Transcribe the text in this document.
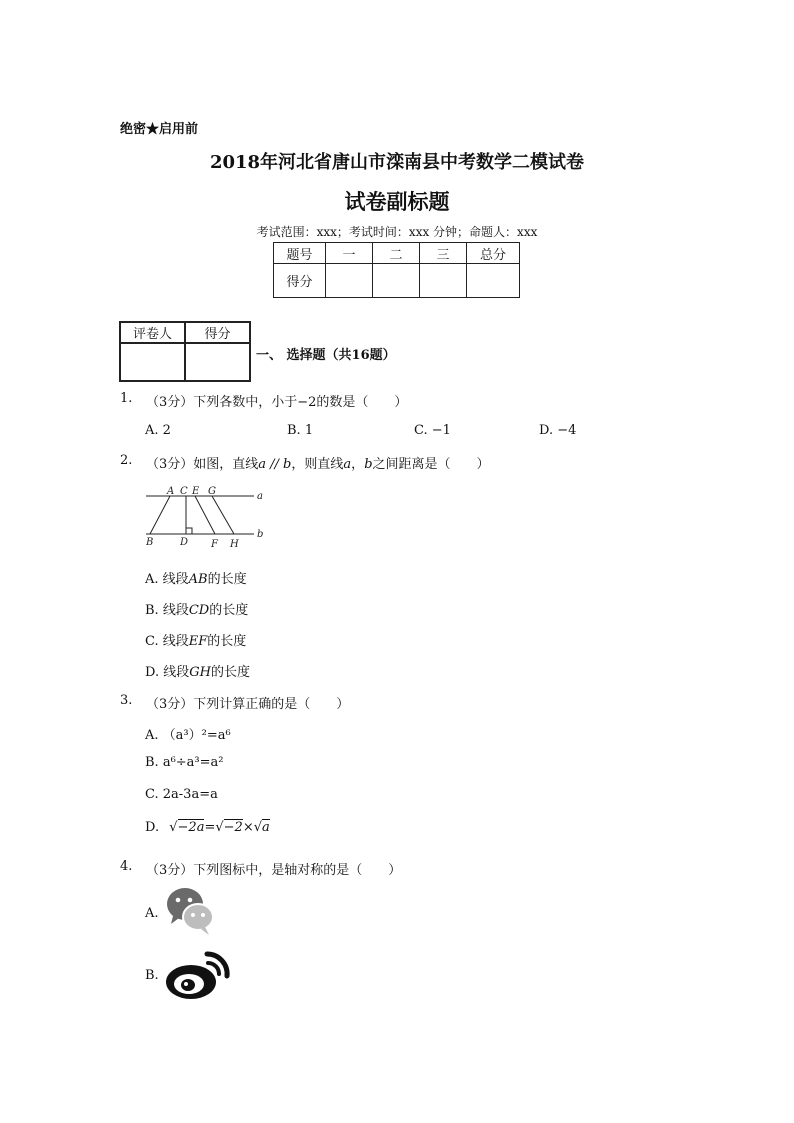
绝密★启用前
2018年河北省唐山市滦南县中考数学二模试卷
试卷副标题
考试范围：xxx；考试时间：xxx 分钟；命题人：xxx
题号	一	二	三	总分
得分				
评卷人	得分

一、 选择题（共16题）
1. （3分）下列各数中，小于−2的数是（　　）
A. 2	B. 1	C. −1	D. −4
2. （3分）如图，直线a // b，则直线a，b之间距离是（　　）
A C E G	a
B	D F H
b
A. 线段AB的长度
B. 线段CD的长度
C. 线段EF的长度
D. 线段GH的长度
3. （3分）下列计算正确的是（　　）
A. （a³）²=a⁶
B. a⁶÷a³=a²
C. 2a-3a=a
D. √−2a=√−2×√a
4. （3分）下列图标中，是轴对称的是（　　）
A.
B.
